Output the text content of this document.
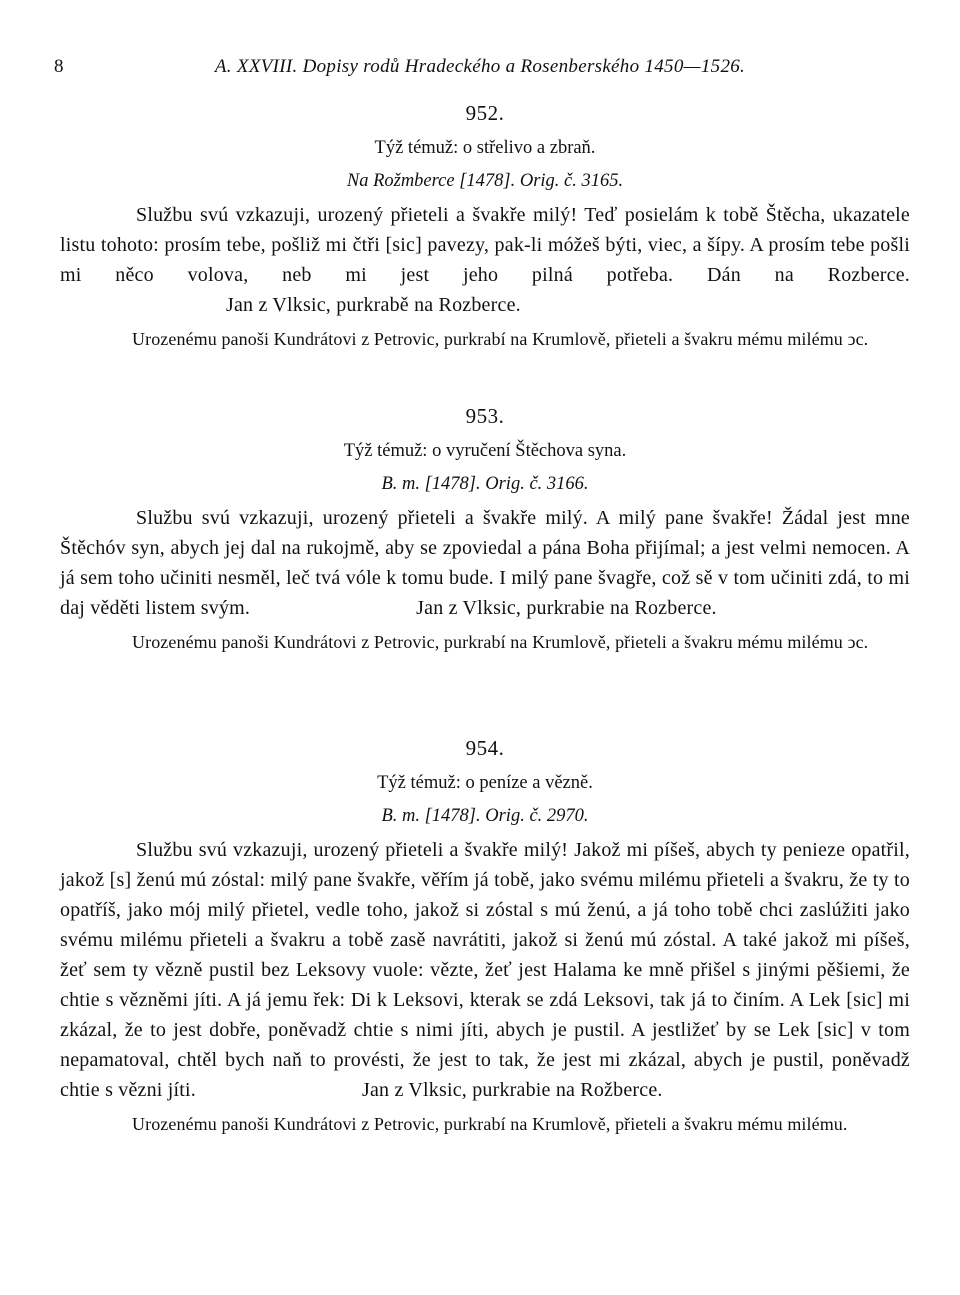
8	A. XXVIII. Dopisy rodů Hradeckého a Rosenberského 1450—1526.
952.
Týž témuž: o střelivo a zbraň.
Na Rožmberce [1478]. Orig. č. 3165.

Službu svú vzkazuji, urozený přieteli a švakře milý! Teď posielám k tobě Štěcha, ukazatele listu tohoto: prosím tebe, pošliž mi čtři [sic] pavezy, pak-li móžeš býti, viec, a šípy. A prosím tebe pošli mi něco volova, neb mi jest jeho pilná potřeba. Dán na Rozberce.Jan z Vlksic, purkrabě na Rozberce.

Urozenému panoši Kundrátovi z Petrovic, purkrabí na Krumlově, přieteli a švakru mému milému ↄc.

953.
Týž témuž: o vyručení Štěchova syna.
B. m. [1478]. Orig. č. 3166.

Službu svú vzkazuji, urozený přieteli a švakře milý. A milý pane švakře! Žádal jest mne Štěchóv syn, abych jej dal na rukojmě, aby se zpoviedal a pána Boha přijímal; a jest velmi nemocen. A já sem toho učiniti nesměl, leč tvá vóle k tomu bude. I milý pane švagře, což sě v tom učiniti zdá, to mi daj věděti listem svým.	Jan z Vlksic, purkrabie na Rozberce.

Urozenému panoši Kundrátovi z Petrovic, purkrabí na Krumlově, přieteli a švakru mému milému ↄc.

954.
Týž témuž: o peníze a vězně.
B. m. [1478]. Orig. č. 2970.

Službu svú vzkazuji, urozený přieteli a švakře milý! Jakož mi píšeš, abych ty penieze opatřil, jakož [s] ženú mú zóstal: milý pane švakře, věřím já tobě, jako svému milému přieteli a švakru, že ty to opatříš, jako mój milý přietel, vedle toho, jakož si zóstal s mú ženú, a já toho tobě chci zaslúžiti jako svému milému přieteli a švakru a tobě zasě navrátiti, jakož si ženú mú zóstal. A také jakož mi píšeš, žeť sem ty vězně pustil bez Leksovy vuole: vězte, žeť jest Halama ke mně přišel s jinými pěšiemi, že chtie s vězněmi jíti. A já jemu řek: Di k Leksovi, kterak se zdá Leksovi, tak já to činím. A Lek [sic] mi zkázal, že to jest dobře, poněvadž chtie s nimi jíti, abych je pustil. A jestližeť by se Lek [sic] v tom nepamatoval, chtěl bych naň to provésti, že jest to tak, že jest mi zkázal, abych je pustil, poněvadž chtie s vězni jíti.	Jan z Vlksic, purkrabie na Rožberce.

Urozenému panoši Kundrátovi z Petrovic, purkrabí na Krumlově, přieteli a švakru mému milému.
